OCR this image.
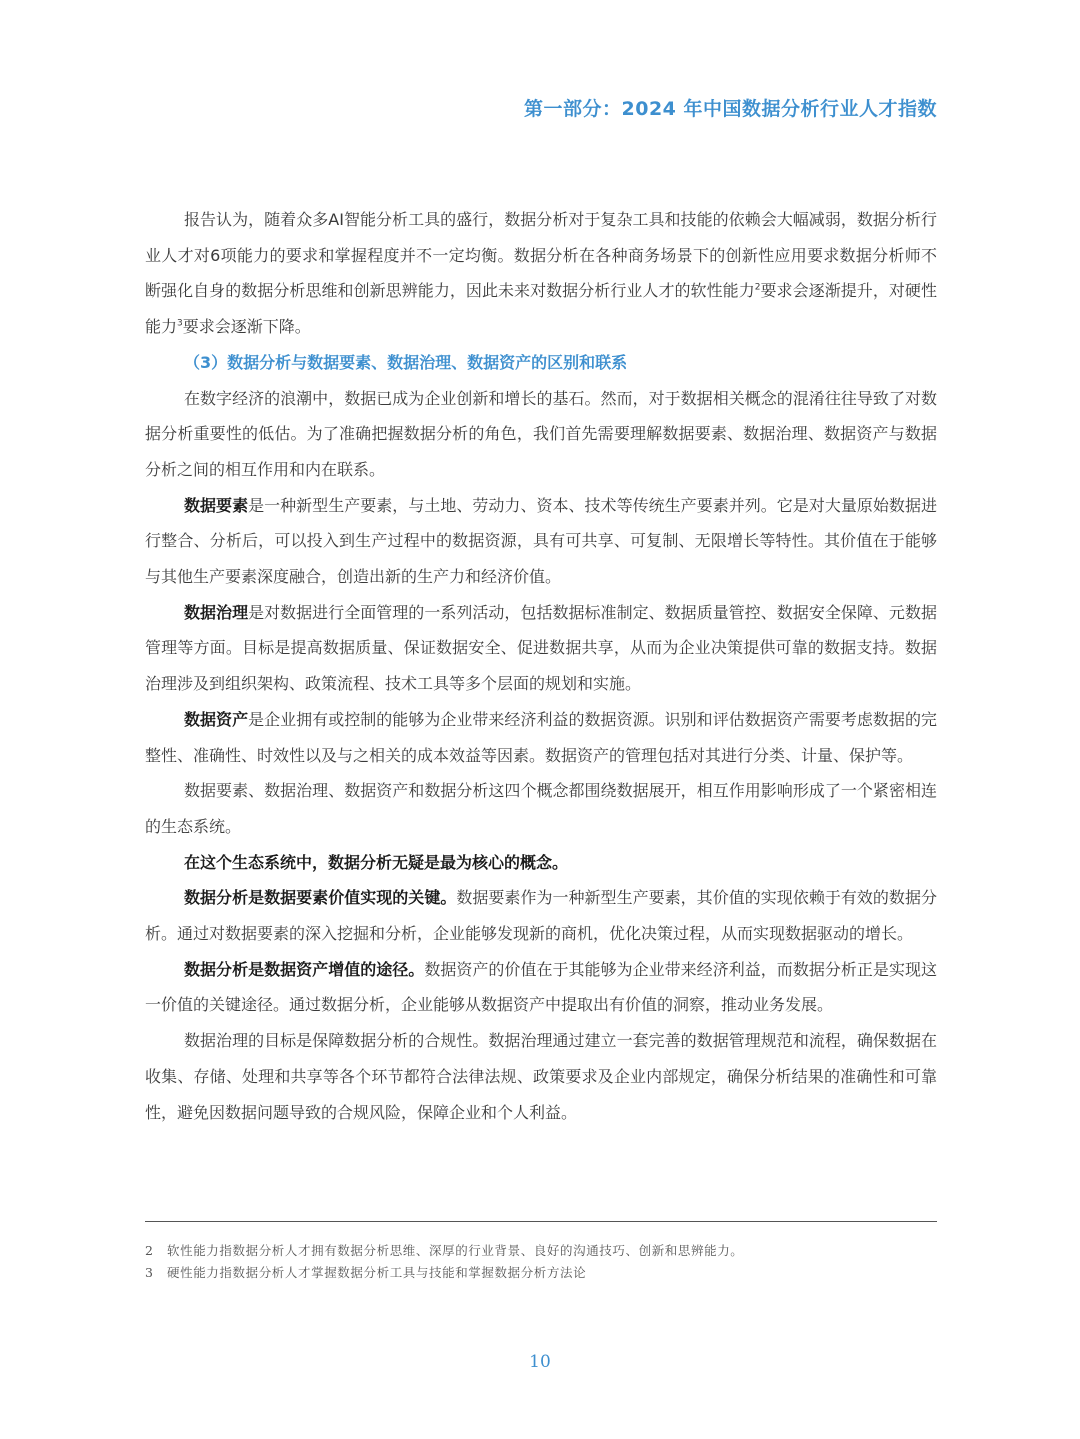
第一部分：2024 年中国数据分析行业人才指数

报告认为，随着众多AI智能分析工具的盛行，数据分析对于复杂工具和技能的依赖会大幅减弱，数据分析行业人才对6项能力的要求和掌握程度并不一定均衡。数据分析在各种商务场景下的创新性应用要求数据分析师不断强化自身的数据分析思维和创新思辨能力，因此未来对数据分析行业人才的软性能力$^2$要求会逐渐提升，对硬性能力$^3$要求会逐渐下降。

（3）数据分析与数据要素、数据治理、数据资产的区别和联系

在数字经济的浪潮中，数据已成为企业创新和增长的基石。然而，对于数据相关概念的混淆往往导致了对数据分析重要性的低估。为了准确把握数据分析的角色，我们首先需要理解数据要素、数据治理、数据资产与数据分析之间的相互作用和内在联系。

数据要素是一种新型生产要素，与土地、劳动力、资本、技术等传统生产要素并列。它是对大量原始数据进行整合、分析后，可以投入到生产过程中的数据资源，具有可共享、可复制、无限增长等特性。其价值在于能够与其他生产要素深度融合，创造出新的生产力和经济价值。

数据治理是对数据进行全面管理的一系列活动，包括数据标准制定、数据质量管控、数据安全保障、元数据管理等方面。目标是提高数据质量、保证数据安全、促进数据共享，从而为企业决策提供可靠的数据支持。数据治理涉及到组织架构、政策流程、技术工具等多个层面的规划和实施。

数据资产是企业拥有或控制的能够为企业带来经济利益的数据资源。识别和评估数据资产需要考虑数据的完整性、准确性、时效性以及与之相关的成本效益等因素。数据资产的管理包括对其进行分类、计量、保护等。

数据要素、数据治理、数据资产和数据分析这四个概念都围绕数据展开，相互作用影响形成了一个紧密相连的生态系统。

在这个生态系统中，数据分析无疑是最为核心的概念。

数据分析是数据要素价值实现的关键。数据要素作为一种新型生产要素，其价值的实现依赖于有效的数据分析。通过对数据要素的深入挖掘和分析，企业能够发现新的商机，优化决策过程，从而实现数据驱动的增长。

数据分析是数据资产增值的途径。数据资产的价值在于其能够为企业带来经济利益，而数据分析正是实现这一价值的关键途径。通过数据分析，企业能够从数据资产中提取出有价值的洞察，推动业务发展。

数据治理的目标是保障数据分析的合规性。数据治理通过建立一套完善的数据管理规范和流程，确保数据在收集、存储、处理和共享等各个环节都符合法律法规、政策要求及企业内部规定，确保分析结果的准确性和可靠性，避免因数据问题导致的合规风险，保障企业和个人利益。

2	软性能力指数据分析人才拥有数据分析思维、深厚的行业背景、良好的沟通技巧、创新和思辨能力。
3	硬性能力指数据分析人才掌握数据分析工具与技能和掌握数据分析方法论
10
